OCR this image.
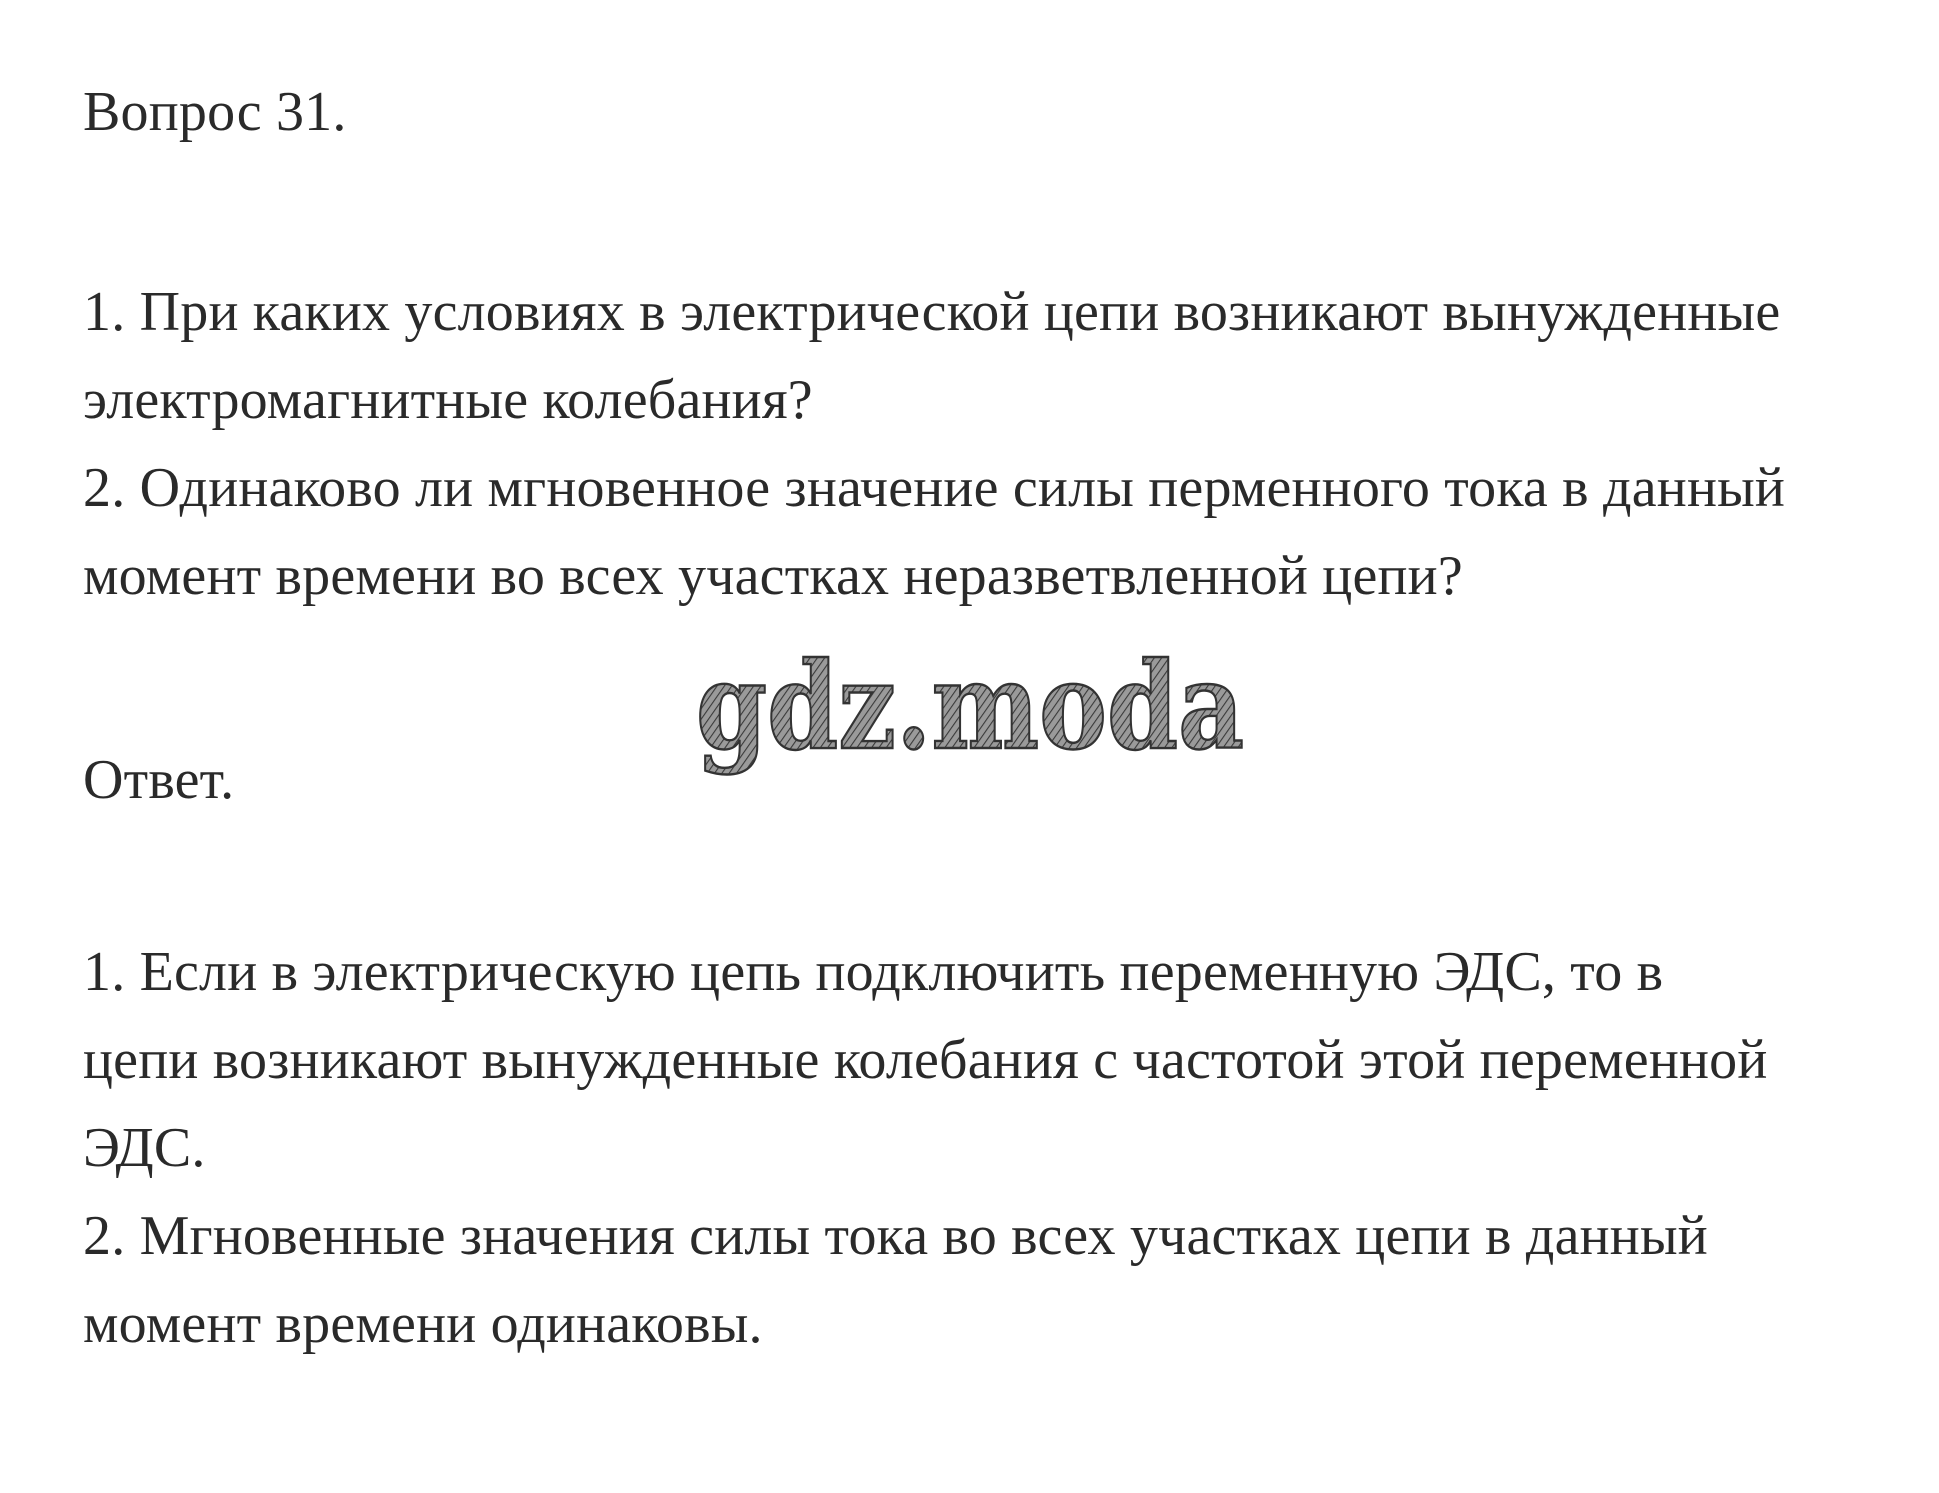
Вопрос 31.
1. При каких условиях в электрической цепи возникают вынужденные
электромагнитные колебания?
2. Одинаково ли мгновенное значение силы перменного тока в данный
момент времени во всех участках неразветвленной цепи?
Ответ.
1. Если в электрическую цепь подключить переменную ЭДС, то в
цепи возникают вынужденные колебания с частотой этой переменной
ЭДС.
2. Мгновенные значения силы тока во всех участках цепи в данный
момент времени одинаковы.
gdz.moda
